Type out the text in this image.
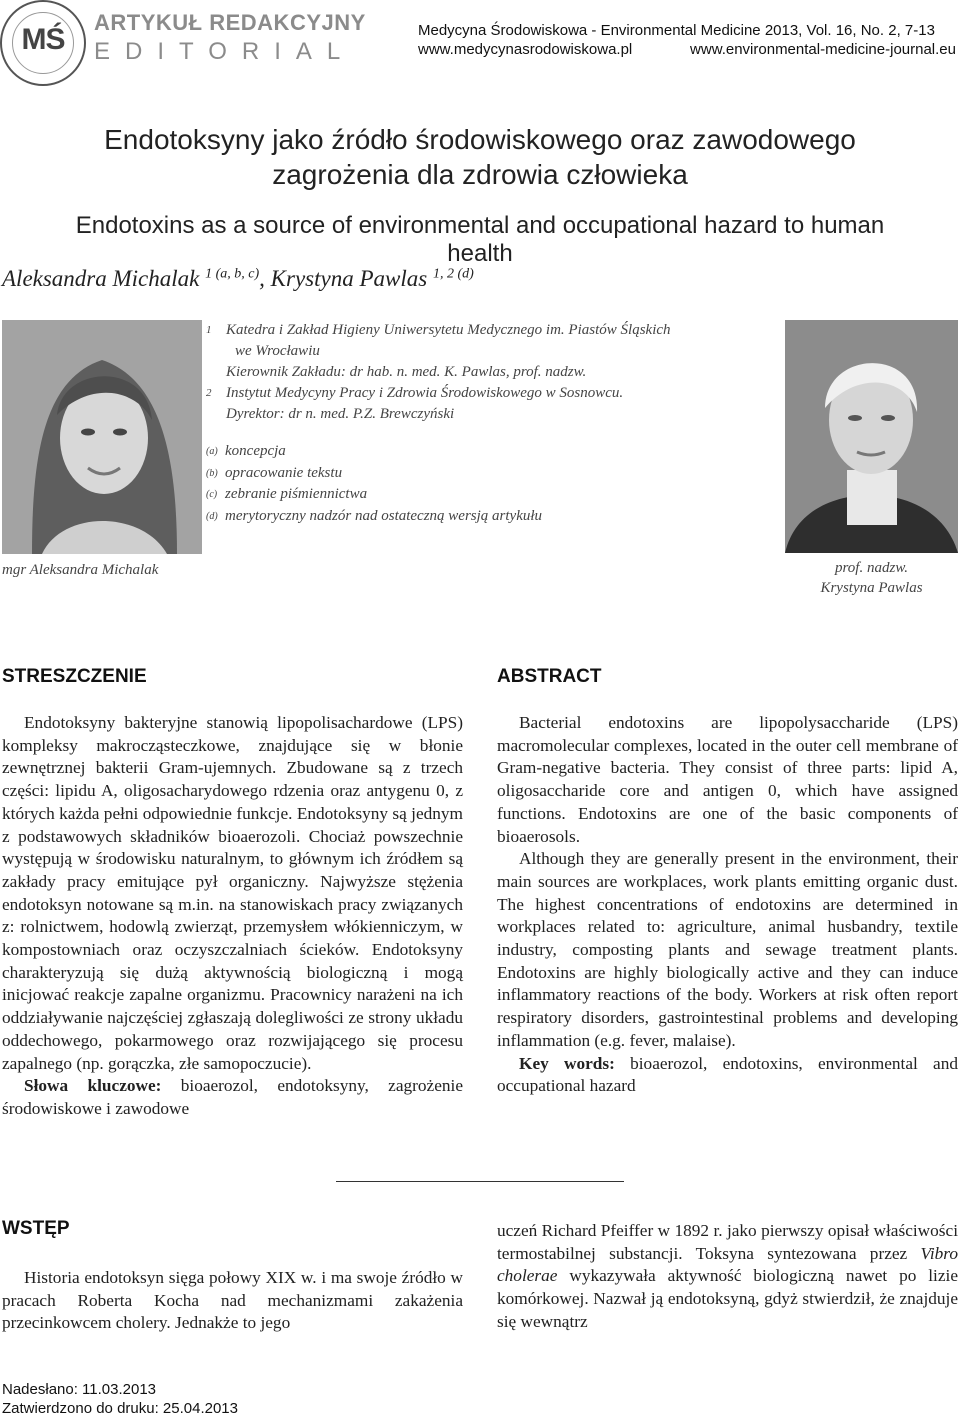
MŚ
ARTYKUŁ REDAKCYJNY
EDITORIAL
Medycyna Środowiskowa - Environmental Medicine 2013, Vol. 16, No. 2, 7-13
www.medycynasrodowiskowa.pl	www.environmental-medicine-journal.eu
Endotoksyny jako źródło środowiskowego oraz zawodowego zagrożenia dla zdrowia człowieka
Endotoxins as a source of environmental and occupational hazard to human health
Aleksandra Michalak $^{1 (a, b, c)}$, Krystyna Pawlas $^{1, 2 (d)}$
1 Katedra i Zakład Higieny Uniwersytetu Medycznego im. Piastów Śląskich
we Wrocławiu
Kierownik Zakładu: dr hab. n. med. K. Pawlas, prof. nadzw.
2 Instytut Medycyny Pracy i Zdrowia Środowiskowego w Sosnowcu.
Dyrektor: dr n. med. P.Z. Brewczyński
(a) koncepcja
(b) opracowanie tekstu
(c) zebranie piśmiennictwa
(d) merytoryczny nadzór nad ostateczną wersją artykułu
mgr Aleksandra Michalak	prof. nadzw.
Krystyna Pawlas
STRESZCZENIE

Endotoksyny bakteryjne stanowią lipopolisachardowe (LPS) kompleksy makrocząsteczkowe, znajdujące się w błonie zewnętrznej bakterii Gram-ujemnych. Zbudowane są z trzech części: lipidu A, oligosacharydowego rdzenia oraz antygenu 0, z których każda pełni odpowiednie funkcje. Endotoksyny są jednym z podstawowych składników bioaerozoli. Chociaż powszechnie występują w środowisku naturalnym, to głównym ich źródłem są zakłady pracy emitujące pył organiczny. Najwyższe stężenia endotoksyn notowane są m.in. na stanowiskach pracy związanych z: rolnictwem, hodowlą zwierząt, przemysłem włókienniczym, w kompostowniach oraz oczyszczalniach ścieków. Endotoksyny charakteryzują się dużą aktywnością biologiczną i mogą inicjować reakcje zapalne organizmu. Pracownicy narażeni na ich oddziaływanie najczęściej zgłaszają dolegliwości ze strony układu oddechowego, pokarmowego oraz rozwijającego się procesu zapalnego (np. gorączka, złe samopoczucie).

Słowa kluczowe: bioaerozol, endotoksyny, zagrożenie środowiskowe i zawodowe

ABSTRACT

Bacterial endotoxins are lipopolysaccharide (LPS) macromolecular complexes, located in the outer cell membrane of Gram-negative bacteria. They consist of three parts: lipid A, oligosaccharide core and antigen 0, which have assigned functions. Endotoxins are one of the basic components of bioaerosols.

Although they are generally present in the environment, their main sources are workplaces, work plants emitting organic dust. The highest concentrations of endotoxins are determined in workplaces related to: agriculture, animal husbandry, textile industry, composting plants and sewage treatment plants. Endotoxins are highly biologically active and they can induce inflammatory reactions of the body. Workers at risk often report respiratory disorders, gastrointestinal problems and developing inflammation (e.g. fever, malaise).

Key words: bioaerozol, endotoxins, environmental and occupational hazard

WSTĘP

Historia endotoksyn sięga połowy XIX w. i ma swoje źródło w pracach Roberta Kocha nad mechanizmami zakażenia przecinkowcem cholery. Jednakże to jego

uczeń Richard Pfeiffer w 1892 r. jako pierwszy opisał właściwości termostabilnej substancji. Toksyna syntezowana przez Vibro cholerae wykazywała aktywność biologiczną nawet po lizie komórkowej. Nazwał ją endotoksyną, gdyż stwierdził, że znajduje się wewnątrz

Nadesłano: 11.03.2013
Zatwierdzono do druku: 25.04.2013
